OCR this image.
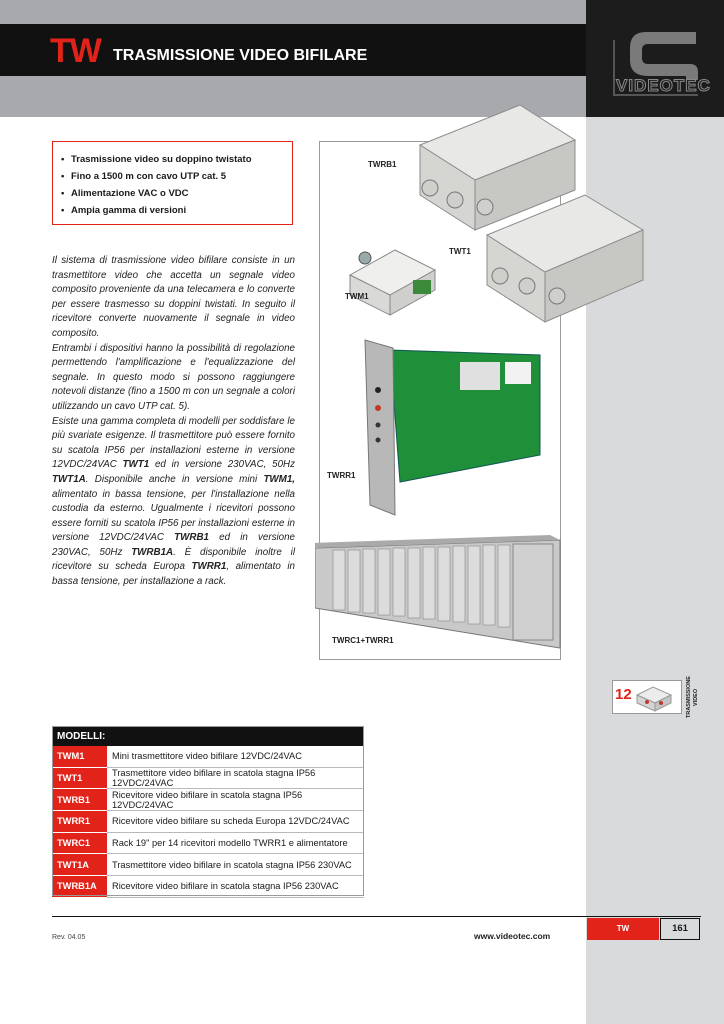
TW TRASMISSIONE VIDEO BIFILARE
VIDEOTEC
• Trasmissione video su doppino twistato
• Fino a 1500 m con cavo UTP cat. 5
• Alimentazione VAC o VDC
• Ampia gamma di versioni

Il sistema di trasmissione video bifilare consiste in un trasmettitore video che accetta un segnale video composito proveniente da una telecamera e lo converte per essere trasmesso su doppini twistati. In seguito il ricevitore converte nuovamente il segnale in video composito.

Entrambi i dispositivi hanno la possibilità di regolazione permettendo l'amplificazione e l'equalizzazione del segnale. In questo modo si possono raggiungere notevoli distanze (fino a 1500 m con un segnale a colori utilizzando un cavo UTP cat. 5).

Esiste una gamma completa di modelli per soddisfare le più svariate esigenze. Il trasmettitore può essere fornito su scatola IP56 per installazioni esterne in versione 12VDC/24VAC TWT1 ed in versione 230VAC, 50Hz TWT1A. Disponibile anche in versione mini TWM1, alimentato in bassa tensione, per l'installazione nella custodia da esterno. Ugualmente i ricevitori possono essere forniti su scatola IP56 per installazioni esterne in versione 12VDC/24VAC TWRB1 ed in versione 230VAC, 50Hz TWRB1A. È disponibile inoltre il ricevitore su scheda Europa TWRR1, alimentato in bassa tensione, per installazione a rack.

TWRB1
TWT1
TWM1
TWRR1
TWRC1+TWRR1
12	TRASMISSIONE VIDEO
MODELLI:	
TWM1	Mini trasmettitore video bifilare 12VDC/24VAC
TWT1	Trasmettitore video bifilare in scatola stagna IP56 12VDC/24VAC
TWRB1	Ricevitore video bifilare in scatola stagna IP56 12VDC/24VAC
TWRR1	Ricevitore video bifilare su scheda Europa 12VDC/24VAC
TWRC1	Rack 19" per 14 ricevitori modello TWRR1 e alimentatore
TWT1A	Trasmettitore video bifilare in scatola stagna IP56 230VAC
TWRB1A	Ricevitore video bifilare in scatola stagna IP56 230VAC
Rev. 04.05	www.videotec.com
TW	161
